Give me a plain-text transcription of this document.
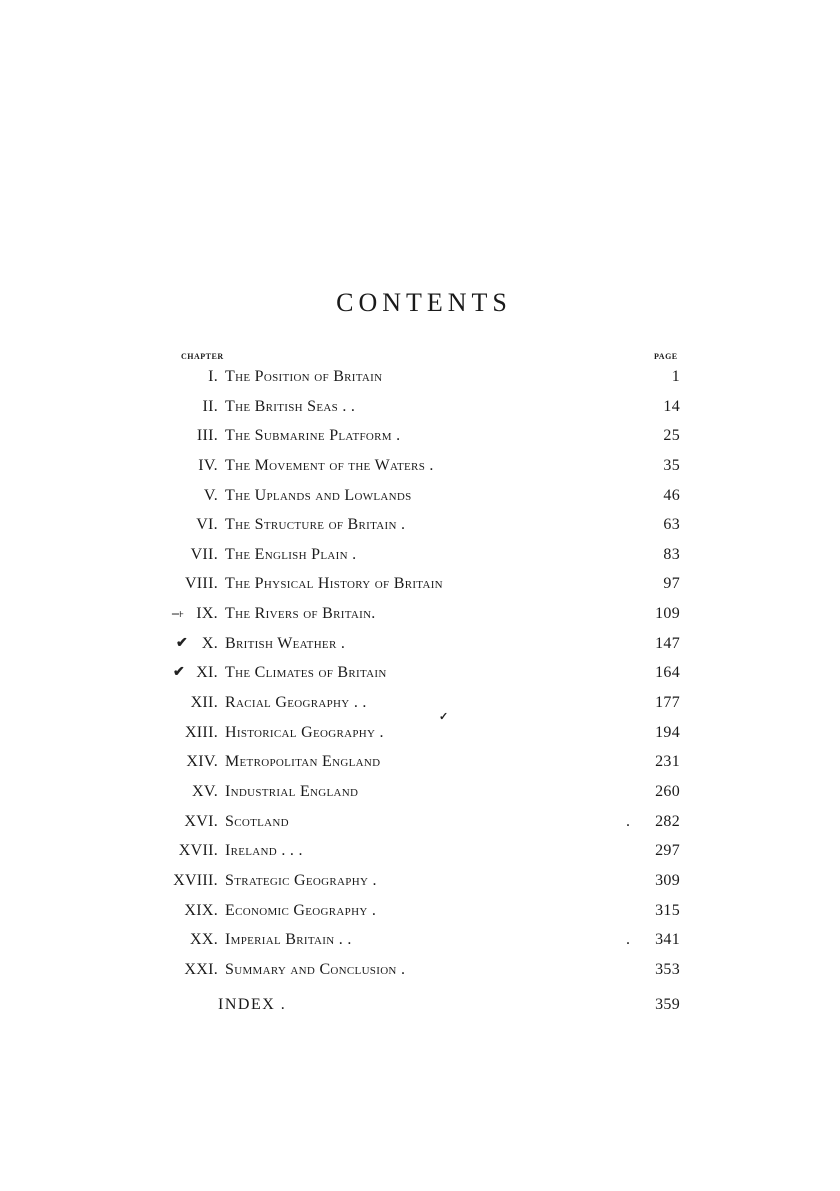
CONTENTS
CHAPTER	PAGE
I. The Position of Britain	1
II. The British Seas . .	14
III. The Submarine Platform .	25
IV. The Movement of the Waters .	35
V. The Uplands and Lowlands	46
VI. The Structure of Britain .	63
VII. The English Plain .	83
VIII. The Physical History of Britain	97
–˫ IX. The Rivers of Britain.	109
✔ X. British Weather .	147
✔ XI. The Climates of Britain	164
XII. Racial Geography . .	177
✓
XIII. Historical Geography .	194
XIV. Metropolitan England	231
XV. Industrial England	260
XVI. Scotland	. 282
XVII. Ireland . . .	297
XVIII. Strategic Geography .	309
XIX. Economic Geography .	315
XX. Imperial Britain . .	. 341
XXI. Summary and Conclusion .	353
INDEX .	359
